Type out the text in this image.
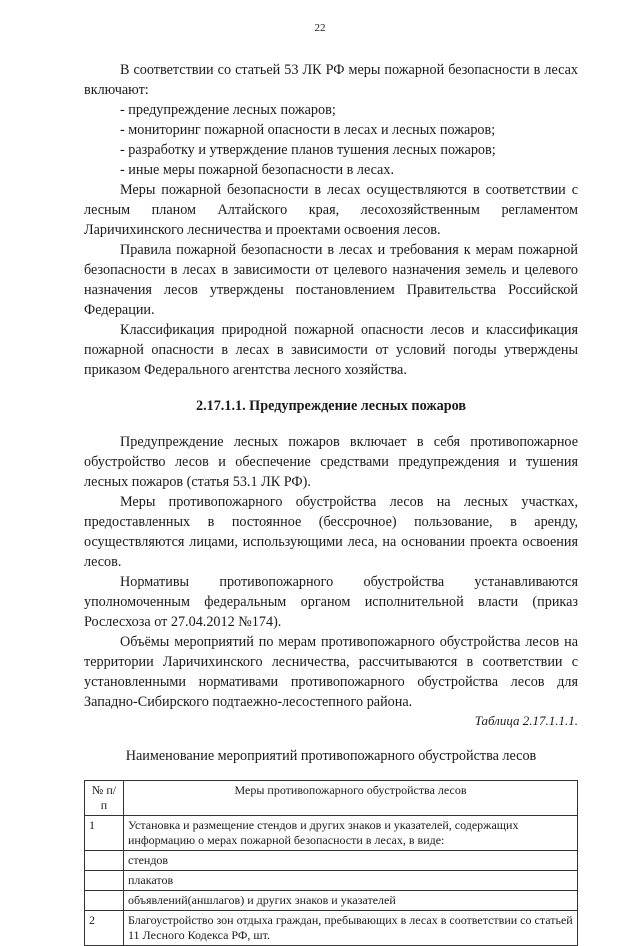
22

В соответствии со статьей 53 ЛК РФ меры пожарной безопасности в лесах включают:

- предупреждение лесных пожаров;

- мониторинг пожарной опасности в лесах и лесных пожаров;

- разработку и утверждение планов тушения лесных пожаров;

- иные меры пожарной безопасности в лесах.

Меры пожарной безопасности в лесах осуществляются в соответствии с лесным планом Алтайского края, лесохозяйственным регламентом Ларичихинского лесничества и проектами освоения лесов.

Правила пожарной безопасности в лесах и требования к мерам пожарной безопасности в лесах в зависимости от целевого назначения земель и целевого назначения лесов утверждены постановлением Правительства Российской Федерации.

Классификация природной пожарной опасности лесов и классификация пожарной опасности в лесах в зависимости от условий погоды утверждены приказом Федерального агентства лесного хозяйства.

2.17.1.1. Предупреждение лесных пожаров

Предупреждение лесных пожаров включает в себя противопожарное обустройство лесов и обеспечение средствами предупреждения и тушения лесных пожаров (статья 53.1 ЛК РФ).

Меры противопожарного обустройства лесов на лесных участках, предоставленных в постоянное (бессрочное) пользование, в аренду, осуществляются лицами, использующими леса, на основании проекта освоения лесов.

Нормативы противопожарного обустройства устанавливаются уполномоченным федеральным органом исполнительной власти (приказ Рослесхоза от 27.04.2012 №174).

Объёмы мероприятий по мерам противопожарного обустройства лесов на территории Ларичихинского лесничества, рассчитываются в соответствии с установленными нормативами противопожарного обустройства лесов для Западно-Сибирского подтаежно-лесостепного района.

Таблица 2.17.1.1.1.

Наименование мероприятий противопожарного обустройства лесов

№ п/п	Меры противопожарного обустройства лесов
1	Установка и размещение стендов и других знаков и указателей, содержащих информацию о мерах пожарной безопасности в лесах, в виде:
	стендов
	плакатов
	объявлений(аншлагов) и других знаков и указателей
2	Благоустройство зон отдыха граждан, пребывающих в лесах в соответствии со статьей 11 Лесного Кодекса РФ, шт.
